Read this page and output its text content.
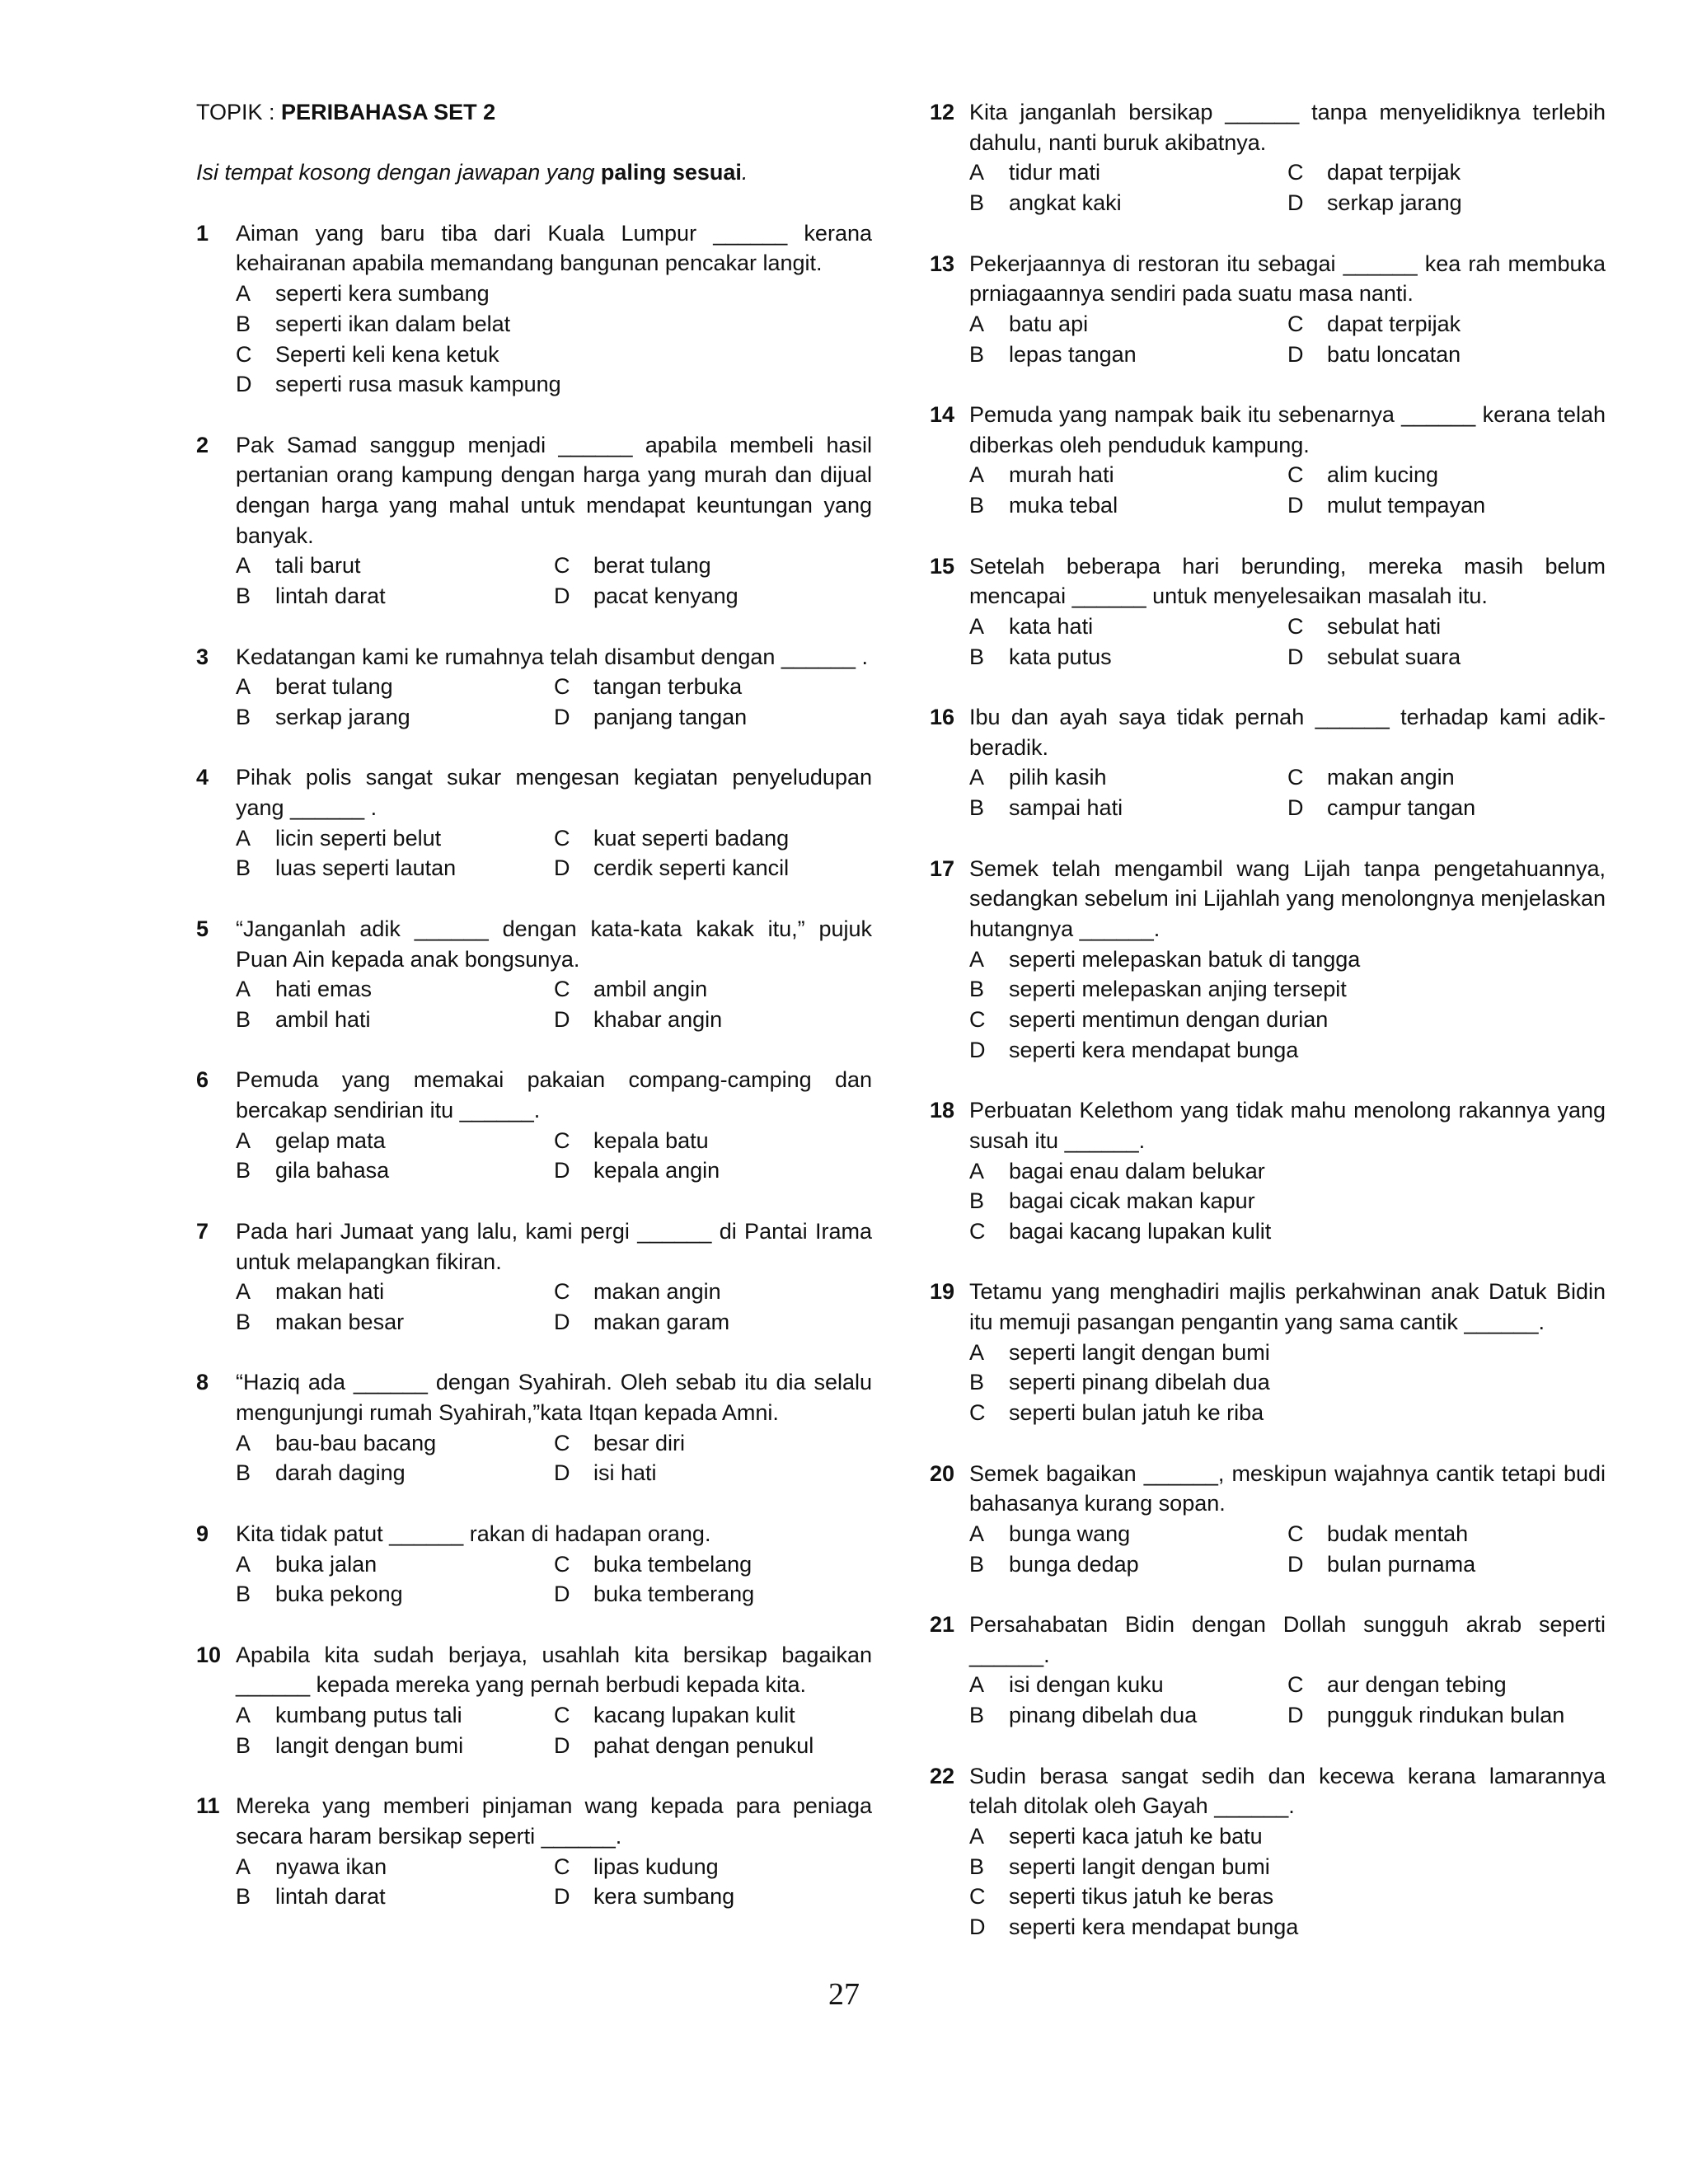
TOPIK : PERIBAHASA SET 2
Isi tempat kosong dengan jawapan yang paling sesuai.
1	Aiman yang baru tiba dari Kuala Lumpur ______ kerana kehairanan apabila memandang bangunan pencakar langit.
A	seperti kera sumbang
B	seperti ikan dalam belat
C	Seperti keli kena ketuk
D	seperti rusa masuk kampung
2	Pak Samad sanggup menjadi ______ apabila membeli hasil pertanian orang kampung dengan harga yang murah dan dijual dengan harga yang mahal untuk mendapat keuntungan yang banyak.
A	tali barut
B	lintah darat
C	berat tulang
D	pacat kenyang
3	Kedatangan kami ke rumahnya telah disambut dengan ______ .
A	berat tulang
B	serkap jarang
C	tangan terbuka
D	panjang tangan
4	Pihak polis sangat sukar mengesan kegiatan penyeludupan yang ______ .
A	licin seperti belut
B	luas seperti lautan
C	kuat seperti badang
D	cerdik seperti kancil
5	“Janganlah adik ______ dengan kata-kata kakak itu,” pujuk Puan Ain kepada anak bongsunya.
A	hati emas
B	ambil hati
C	ambil angin
D	khabar angin
6	Pemuda yang memakai pakaian compang-camping dan bercakap sendirian itu ______.
A	gelap mata
B	gila bahasa
C	kepala batu
D	kepala angin
7	Pada hari Jumaat yang lalu, kami pergi ______ di Pantai Irama untuk melapangkan fikiran.
A	makan hati
B	makan besar
C	makan angin
D	makan garam
8	“Haziq ada ______ dengan Syahirah. Oleh sebab itu dia selalu mengunjungi rumah Syahirah,”kata Itqan kepada Amni.
A	bau-bau bacang
B	darah daging
C	besar diri
D	isi hati
9	Kita tidak patut ______ rakan di hadapan orang.
A	buka jalan
B	buka pekong
C	buka tembelang
D	buka temberang
10 Apabila kita sudah berjaya, usahlah kita bersikap bagaikan ______ kepada mereka yang pernah berbudi kepada kita.
A	kumbang putus tali
B	langit dengan bumi
C	kacang lupakan kulit
D	pahat dengan penukul
11 Mereka yang memberi pinjaman wang kepada para peniaga secara haram bersikap seperti ______.
A	nyawa ikan
B	lintah darat
C	lipas kudung
D	kera sumbang
12 Kita janganlah bersikap ______ tanpa menyelidiknya terlebih dahulu, nanti buruk akibatnya.
A	tidur mati
B	angkat kaki
C	dapat terpijak
D	serkap jarang
13 Pekerjaannya di restoran itu sebagai ______ kea rah membuka prniagaannya sendiri pada suatu masa nanti.
A	batu api
B	lepas tangan
C	dapat terpijak
D	batu loncatan
14 Pemuda yang nampak baik itu sebenarnya ______ kerana telah diberkas oleh penduduk kampung.
A	murah hati
B	muka tebal
C	alim kucing
D	mulut tempayan
15 Setelah beberapa hari berunding, mereka masih belum mencapai ______ untuk menyelesaikan masalah itu.
A	kata hati
B	kata putus
C	sebulat hati
D	sebulat suara
16 Ibu dan ayah saya tidak pernah ______ terhadap kami adik-beradik.
A	pilih kasih
B	sampai hati
C	makan angin
D	campur tangan
17 Semek telah mengambil wang Lijah tanpa pengetahuannya, sedangkan sebelum ini Lijahlah yang menolongnya menjelaskan hutangnya ______.
A	seperti melepaskan batuk di tangga
B	seperti melepaskan anjing tersepit
C	seperti mentimun dengan durian
D	seperti kera mendapat bunga
18 Perbuatan Kelethom yang tidak mahu menolong rakannya yang susah itu ______.
A	bagai enau dalam belukar
B	bagai cicak makan kapur
C	bagai kacang lupakan kulit
19 Tetamu yang menghadiri majlis perkahwinan anak Datuk Bidin itu memuji pasangan pengantin yang sama cantik ______.
A	seperti langit dengan bumi
B	seperti pinang dibelah dua
C	seperti bulan jatuh ke riba
20 Semek bagaikan ______, meskipun wajahnya cantik tetapi budi bahasanya kurang sopan.
A	bunga wang
B	bunga dedap
C	budak mentah
D	bulan purnama
21 Persahabatan Bidin dengan Dollah sungguh akrab seperti ______.
A	isi dengan kuku
B	pinang dibelah dua
C	aur dengan tebing
D	pungguk rindukan bulan
22 Sudin berasa sangat sedih dan kecewa kerana lamarannya telah ditolak oleh Gayah ______.
A	seperti kaca jatuh ke batu
B	seperti langit dengan bumi
C	seperti tikus jatuh ke beras
D	seperti kera mendapat bunga
27
